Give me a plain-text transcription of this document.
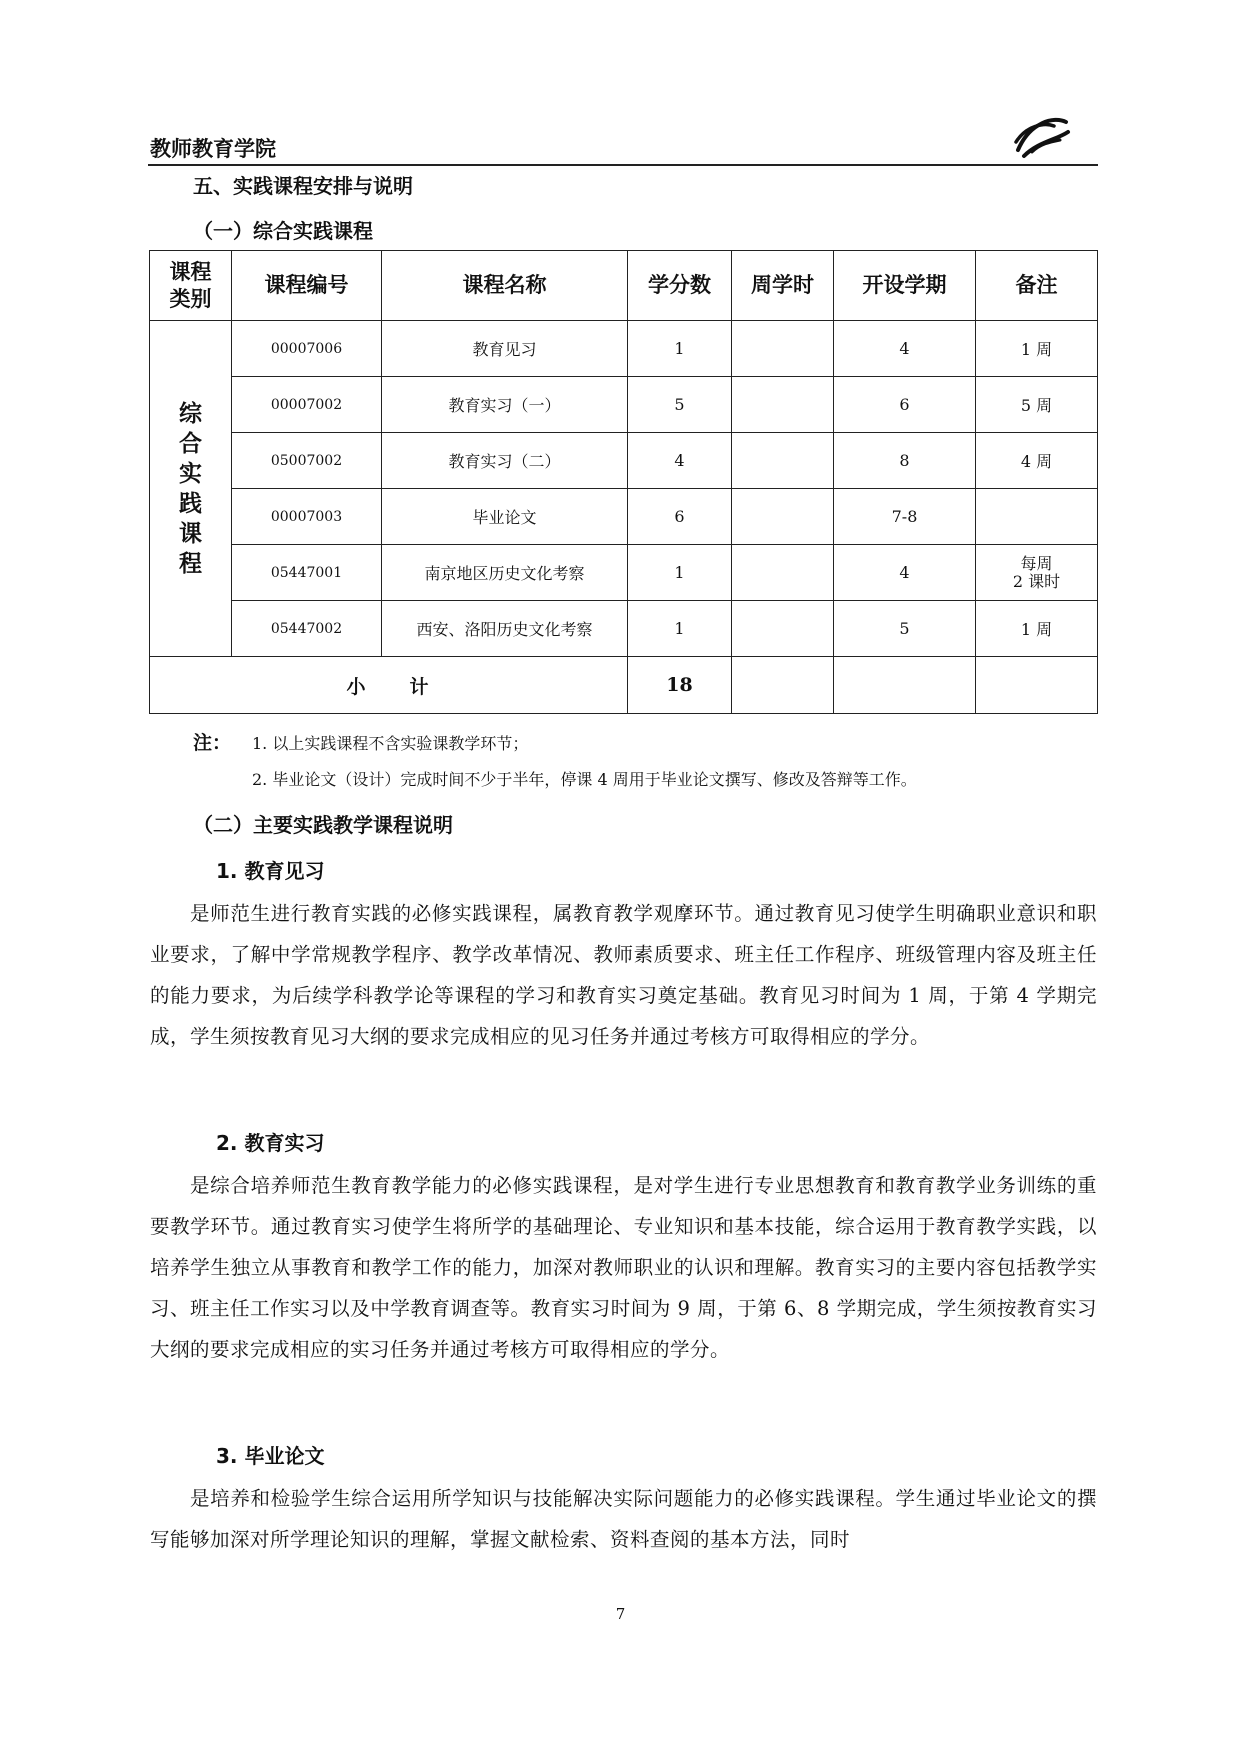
教师教育学院
五、实践课程安排与说明
（一）综合实践课程
课程类别	课程编号	课程名称	学分数	周学时	开设学期	备注
综合实践课程	00007006	教育见习	1		4	1 周
	00007002	教育实习（一）	5		6	5 周
	05007002	教育实习（二）	4		8	4 周
	00007003	毕业论文	6		7-8	
	05447001	南京地区历史文化考察	1		4	每周
2 课时
	05447002	西安、洛阳历史文化考察	1		5	1 周
小　　计			18			
注： 1. 以上实践课程不含实验课教学环节；
2. 毕业论文（设计）完成时间不少于半年，停课 4 周用于毕业论文撰写、修改及答辩等工作。
（二）主要实践教学课程说明
1. 教育见习
是师范生进行教育实践的必修实践课程，属教育教学观摩环节。通过教育见习使学生明确职业意识和职业要求，了解中学常规教学程序、教学改革情况、教师素质要求、班主任工作程序、班级管理内容及班主任的能力要求，为后续学科教学论等课程的学习和教育实习奠定基础。教育见习时间为 1 周，于第 4 学期完成，学生须按教育见习大纲的要求完成相应的见习任务并通过考核方可取得相应的学分。
2. 教育实习
是综合培养师范生教育教学能力的必修实践课程，是对学生进行专业思想教育和教育教学业务训练的重要教学环节。通过教育实习使学生将所学的基础理论、专业知识和基本技能，综合运用于教育教学实践，以培养学生独立从事教育和教学工作的能力，加深对教师职业的认识和理解。教育实习的主要内容包括教学实习、班主任工作实习以及中学教育调查等。教育实习时间为 9 周，于第 6、8 学期完成，学生须按教育实习大纲的要求完成相应的实习任务并通过考核方可取得相应的学分。
3. 毕业论文
是培养和检验学生综合运用所学知识与技能解决实际问题能力的必修实践课程。学生通过毕业论文的撰写能够加深对所学理论知识的理解，掌握文献检索、资料查阅的基本方法，同时
7
